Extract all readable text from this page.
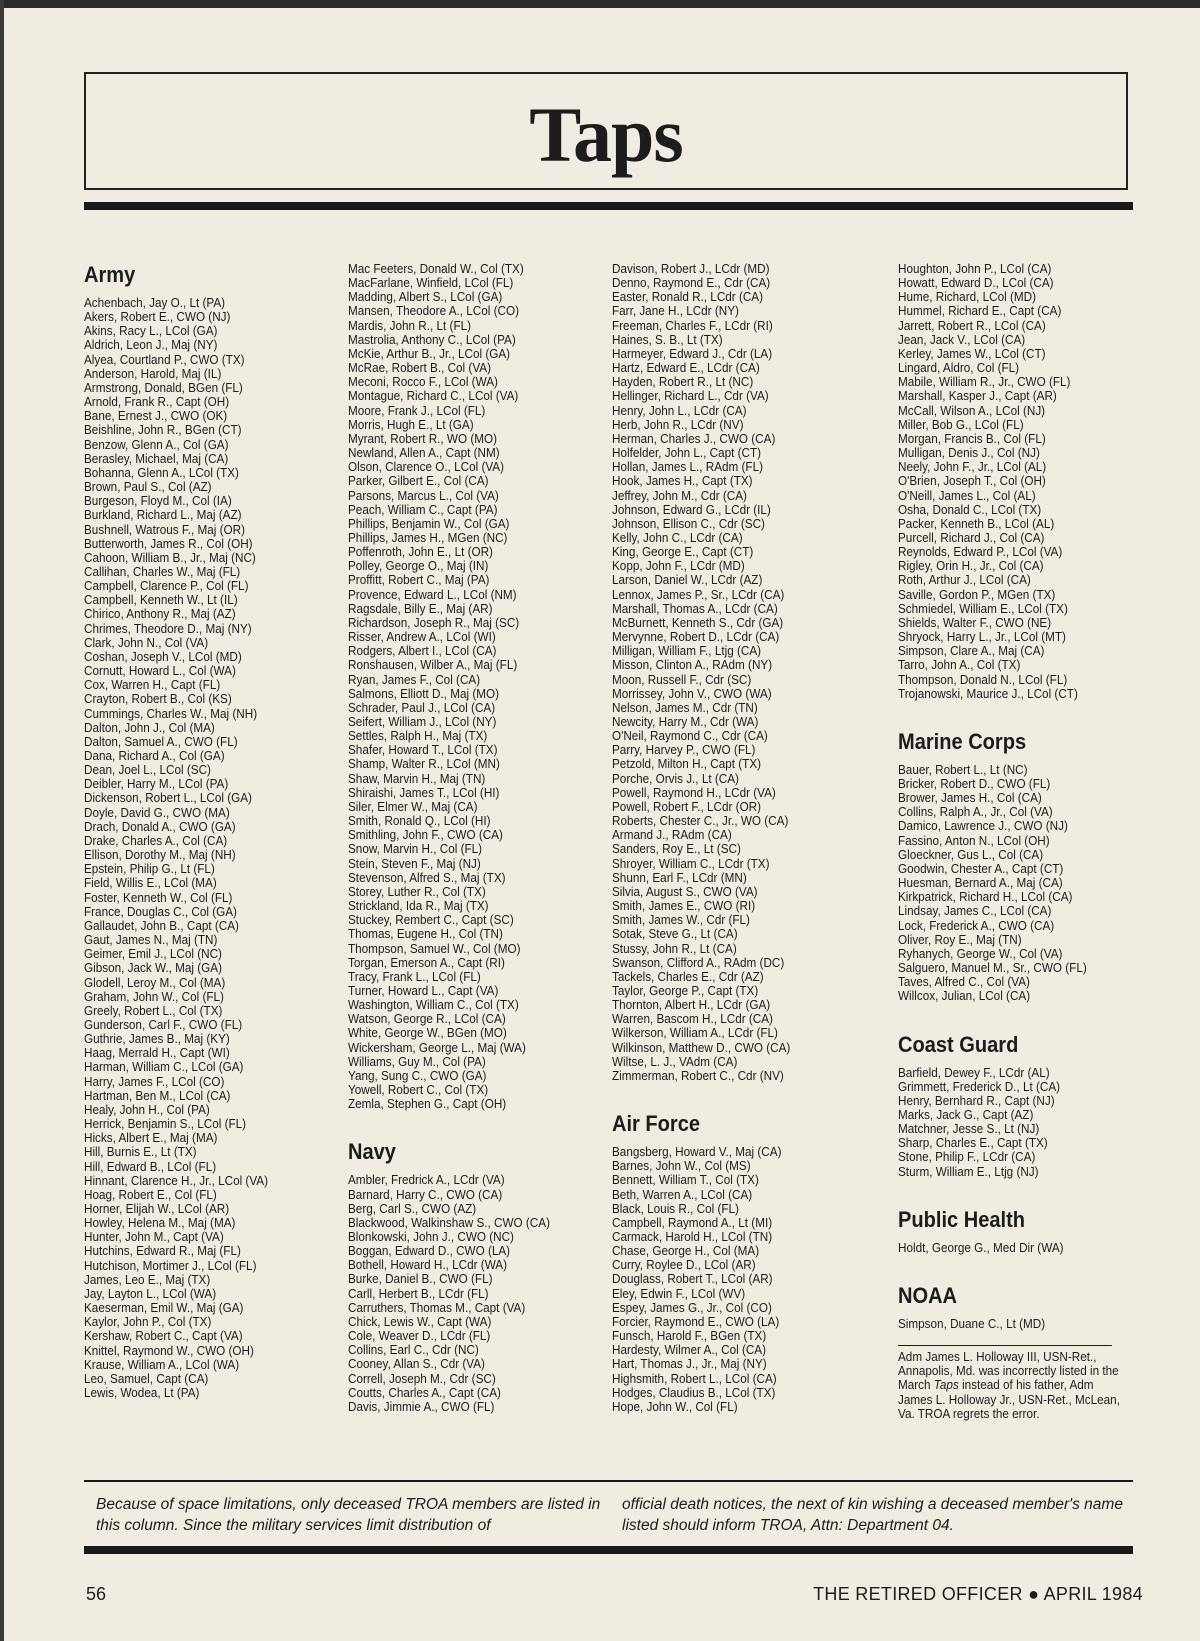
Taps
Army
Achenbach, Jay O., Lt (PA)
Akers, Robert E., CWO (NJ)
Akins, Racy L., LCol (GA)
Aldrich, Leon J., Maj (NY)
Alyea, Courtland P., CWO (TX)
Anderson, Harold, Maj (IL)
Armstrong, Donald, BGen (FL)
Arnold, Frank R., Capt (OH)
Bane, Ernest J., CWO (OK)
Beishline, John R., BGen (CT)
Benzow, Glenn A., Col (GA)
Berasley, Michael, Maj (CA)
Bohanna, Glenn A., LCol (TX)
Brown, Paul S., Col (AZ)
Burgeson, Floyd M., Col (IA)
Burkland, Richard L., Maj (AZ)
Bushnell, Watrous F., Maj (OR)
Butterworth, James R., Col (OH)
Cahoon, William B., Jr., Maj (NC)
Callihan, Charles W., Maj (FL)
Campbell, Clarence P., Col (FL)
Campbell, Kenneth W., Lt (IL)
Chirico, Anthony R., Maj (AZ)
Chrimes, Theodore D., Maj (NY)
Clark, John N., Col (VA)
Coshan, Joseph V., LCol (MD)
Cornutt, Howard L., Col (WA)
Cox, Warren H., Capt (FL)
Crayton, Robert B., Col (KS)
Cummings, Charles W., Maj (NH)
Dalton, John J., Col (MA)
Dalton, Samuel A., CWO (FL)
Dana, Richard A., Col (GA)
Dean, Joel L., LCol (SC)
Deibler, Harry M., LCol (PA)
Dickenson, Robert L., LCol (GA)
Doyle, David G., CWO (MA)
Drach, Donald A., CWO (GA)
Drake, Charles A., Col (CA)
Ellison, Dorothy M., Maj (NH)
Epstein, Philip G., Lt (FL)
Field, Willis E., LCol (MA)
Foster, Kenneth W., Col (FL)
France, Douglas C., Col (GA)
Gallaudet, John B., Capt (CA)
Gaut, James N., Maj (TN)
Geimer, Emil J., LCol (NC)
Gibson, Jack W., Maj (GA)
Glodell, Leroy M., Col (MA)
Graham, John W., Col (FL)
Greely, Robert L., Col (TX)
Gunderson, Carl F., CWO (FL)
Guthrie, James B., Maj (KY)
Haag, Merrald H., Capt (WI)
Harman, William C., LCol (GA)
Harry, James F., LCol (CO)
Hartman, Ben M., LCol (CA)
Healy, John H., Col (PA)
Herrick, Benjamin S., LCol (FL)
Hicks, Albert E., Maj (MA)
Hill, Burnis E., Lt (TX)
Hill, Edward B., LCol (FL)
Hinnant, Clarence H., Jr., LCol (VA)
Hoag, Robert E., Col (FL)
Horner, Elijah W., LCol (AR)
Howley, Helena M., Maj (MA)
Hunter, John M., Capt (VA)
Hutchins, Edward R., Maj (FL)
Hutchison, Mortimer J., LCol (FL)
James, Leo E., Maj (TX)
Jay, Layton L., LCol (WA)
Kaeserman, Emil W., Maj (GA)
Kaylor, John P., Col (TX)
Kershaw, Robert C., Capt (VA)
Knittel, Raymond W., CWO (OH)
Krause, William A., LCol (WA)
Leo, Samuel, Capt (CA)
Lewis, Wodea, Lt (PA)
Mac Feeters, Donald W., Col (TX)
MacFarlane, Winfield, LCol (FL)
Madding, Albert S., LCol (GA)
Mansen, Theodore A., LCol (CO)
Mardis, John R., Lt (FL)
Mastrolia, Anthony C., LCol (PA)
McKie, Arthur B., Jr., LCol (GA)
McRae, Robert B., Col (VA)
Meconi, Rocco F., LCol (WA)
Montague, Richard C., LCol (VA)
Moore, Frank J., LCol (FL)
Morris, Hugh E., Lt (GA)
Myrant, Robert R., WO (MO)
Newland, Allen A., Capt (NM)
Olson, Clarence O., LCol (VA)
Parker, Gilbert E., Col (CA)
Parsons, Marcus L., Col (VA)
Peach, William C., Capt (PA)
Phillips, Benjamin W., Col (GA)
Phillips, James H., MGen (NC)
Poffenroth, John E., Lt (OR)
Polley, George O., Maj (IN)
Proffitt, Robert C., Maj (PA)
Provence, Edward L., LCol (NM)
Ragsdale, Billy E., Maj (AR)
Richardson, Joseph R., Maj (SC)
Risser, Andrew A., LCol (WI)
Rodgers, Albert I., LCol (CA)
Ronshausen, Wilber A., Maj (FL)
Ryan, James F., Col (CA)
Salmons, Elliott D., Maj (MO)
Schrader, Paul J., LCol (CA)
Seifert, William J., LCol (NY)
Settles, Ralph H., Maj (TX)
Shafer, Howard T., LCol (TX)
Shamp, Walter R., LCol (MN)
Shaw, Marvin H., Maj (TN)
Shiraishi, James T., LCol (HI)
Siler, Elmer W., Maj (CA)
Smith, Ronald Q., LCol (HI)
Smithling, John F., CWO (CA)
Snow, Marvin H., Col (FL)
Stein, Steven F., Maj (NJ)
Stevenson, Alfred S., Maj (TX)
Storey, Luther R., Col (TX)
Strickland, Ida R., Maj (TX)
Stuckey, Rembert C., Capt (SC)
Thomas, Eugene H., Col (TN)
Thompson, Samuel W., Col (MO)
Torgan, Emerson A., Capt (RI)
Tracy, Frank L., LCol (FL)
Turner, Howard L., Capt (VA)
Washington, William C., Col (TX)
Watson, George R., LCol (CA)
White, George W., BGen (MO)
Wickersham, George L., Maj (WA)
Williams, Guy M., Col (PA)
Yang, Sung C., CWO (GA)
Yowell, Robert C., Col (TX)
Zemla, Stephen G., Capt (OH)
Navy
Ambler, Fredrick A., LCdr (VA)
Barnard, Harry C., CWO (CA)
Berg, Carl S., CWO (AZ)
Blackwood, Walkinshaw S., CWO (CA)
Blonkowski, John J., CWO (NC)
Boggan, Edward D., CWO (LA)
Bothell, Howard H., LCdr (WA)
Burke, Daniel B., CWO (FL)
Carll, Herbert B., LCdr (FL)
Carruthers, Thomas M., Capt (VA)
Chick, Lewis W., Capt (WA)
Cole, Weaver D., LCdr (FL)
Collins, Earl C., Cdr (NC)
Cooney, Allan S., Cdr (VA)
Correll, Joseph M., Cdr (SC)
Coutts, Charles A., Capt (CA)
Davis, Jimmie A., CWO (FL)
Davison, Robert J., LCdr (MD)
Denno, Raymond E., Cdr (CA)
Easter, Ronald R., LCdr (CA)
Farr, Jane H., LCdr (NY)
Freeman, Charles F., LCdr (RI)
Haines, S. B., Lt (TX)
Harmeyer, Edward J., Cdr (LA)
Hartz, Edward E., LCdr (CA)
Hayden, Robert R., Lt (NC)
Hellinger, Richard L., Cdr (VA)
Henry, John L., LCdr (CA)
Herb, John R., LCdr (NV)
Herman, Charles J., CWO (CA)
Holfelder, John L., Capt (CT)
Hollan, James L., RAdm (FL)
Hook, James H., Capt (TX)
Jeffrey, John M., Cdr (CA)
Johnson, Edward G., LCdr (IL)
Johnson, Ellison C., Cdr (SC)
Kelly, John C., LCdr (CA)
King, George E., Capt (CT)
Kopp, John F., LCdr (MD)
Larson, Daniel W., LCdr (AZ)
Lennox, James P., Sr., LCdr (CA)
Marshall, Thomas A., LCdr (CA)
McBurnett, Kenneth S., Cdr (GA)
Mervynne, Robert D., LCdr (CA)
Milligan, William F., Ltjg (CA)
Misson, Clinton A., RAdm (NY)
Moon, Russell F., Cdr (SC)
Morrissey, John V., CWO (WA)
Nelson, James M., Cdr (TN)
Newcity, Harry M., Cdr (WA)
O'Neil, Raymond C., Cdr (CA)
Parry, Harvey P., CWO (FL)
Petzold, Milton H., Capt (TX)
Porche, Orvis J., Lt (CA)
Powell, Raymond H., LCdr (VA)
Powell, Robert F., LCdr (OR)
Roberts, Chester C., Jr., WO (CA)
Armand J., RAdm (CA)
Sanders, Roy E., Lt (SC)
Shroyer, William C., LCdr (TX)
Shunn, Earl F., LCdr (MN)
Silvia, August S., CWO (VA)
Smith, James E., CWO (RI)
Smith, James W., Cdr (FL)
Sotak, Steve G., Lt (CA)
Stussy, John R., Lt (CA)
Swanson, Clifford A., RAdm (DC)
Tackels, Charles E., Cdr (AZ)
Taylor, George P., Capt (TX)
Thornton, Albert H., LCdr (GA)
Warren, Bascom H., LCdr (CA)
Wilkerson, William A., LCdr (FL)
Wilkinson, Matthew D., CWO (CA)
Wiltse, L. J., VAdm (CA)
Zimmerman, Robert C., Cdr (NV)
Air Force
Bangsberg, Howard V., Maj (CA)
Barnes, John W., Col (MS)
Bennett, William T., Col (TX)
Beth, Warren A., LCol (CA)
Black, Louis R., Col (FL)
Campbell, Raymond A., Lt (MI)
Carmack, Harold H., LCol (TN)
Chase, George H., Col (MA)
Curry, Roylee D., LCol (AR)
Douglass, Robert T., LCol (AR)
Eley, Edwin F., LCol (WV)
Espey, James G., Jr., Col (CO)
Forcier, Raymond E., CWO (LA)
Funsch, Harold F., BGen (TX)
Hardesty, Wilmer A., Col (CA)
Hart, Thomas J., Jr., Maj (NY)
Highsmith, Robert L., LCol (CA)
Hodges, Claudius B., LCol (TX)
Hope, John W., Col (FL)
Houghton, John P., LCol (CA)
Howatt, Edward D., LCol (CA)
Hume, Richard, LCol (MD)
Hummel, Richard E., Capt (CA)
Jarrett, Robert R., LCol (CA)
Jean, Jack V., LCol (CA)
Kerley, James W., LCol (CT)
Lingard, Aldro, Col (FL)
Mabile, William R., Jr., CWO (FL)
Marshall, Kasper J., Capt (AR)
McCall, Wilson A., LCol (NJ)
Miller, Bob G., LCol (FL)
Morgan, Francis B., Col (FL)
Mulligan, Denis J., Col (NJ)
Neely, John F., Jr., LCol (AL)
O'Brien, Joseph T., Col (OH)
O'Neill, James L., Col (AL)
Osha, Donald C., LCol (TX)
Packer, Kenneth B., LCol (AL)
Purcell, Richard J., Col (CA)
Reynolds, Edward P., LCol (VA)
Rigley, Orin H., Jr., Col (CA)
Roth, Arthur J., LCol (CA)
Saville, Gordon P., MGen (TX)
Schmiedel, William E., LCol (TX)
Shields, Walter F., CWO (NE)
Shryock, Harry L., Jr., LCol (MT)
Simpson, Clare A., Maj (CA)
Tarro, John A., Col (TX)
Thompson, Donald N., LCol (FL)
Trojanowski, Maurice J., LCol (CT)
Marine Corps
Bauer, Robert L., Lt (NC)
Bricker, Robert D., CWO (FL)
Brower, James H., Col (CA)
Collins, Ralph A., Jr., Col (VA)
Damico, Lawrence J., CWO (NJ)
Fassino, Anton N., LCol (OH)
Gloeckner, Gus L., Col (CA)
Goodwin, Chester A., Capt (CT)
Huesman, Bernard A., Maj (CA)
Kirkpatrick, Richard H., LCol (CA)
Lindsay, James C., LCol (CA)
Lock, Frederick A., CWO (CA)
Oliver, Roy E., Maj (TN)
Ryhanych, George W., Col (VA)
Salguero, Manuel M., Sr., CWO (FL)
Taves, Alfred C., Col (VA)
Willcox, Julian, LCol (CA)
Coast Guard
Barfield, Dewey F., LCdr (AL)
Grimmett, Frederick D., Lt (CA)
Henry, Bernhard R., Capt (NJ)
Marks, Jack G., Capt (AZ)
Matchner, Jesse S., Lt (NJ)
Sharp, Charles E., Capt (TX)
Stone, Philip F., LCdr (CA)
Sturm, William E., Ltjg (NJ)
Public Health
Holdt, George G., Med Dir (WA)
NOAA
Simpson, Duane C., Lt (MD)
Adm James L. Holloway III, USN-Ret., Annapolis, Md. was incorrectly listed in the March Taps instead of his father, Adm James L. Holloway Jr., USN-Ret., McLean, Va. TROA regrets the error.
Because of space limitations, only deceased TROA members are listed in this column. Since the military services limit distribution of
official death notices, the next of kin wishing a deceased member's name listed should inform TROA, Attn: Department 04.
56	THE RETIRED OFFICER ● APRIL 1984
